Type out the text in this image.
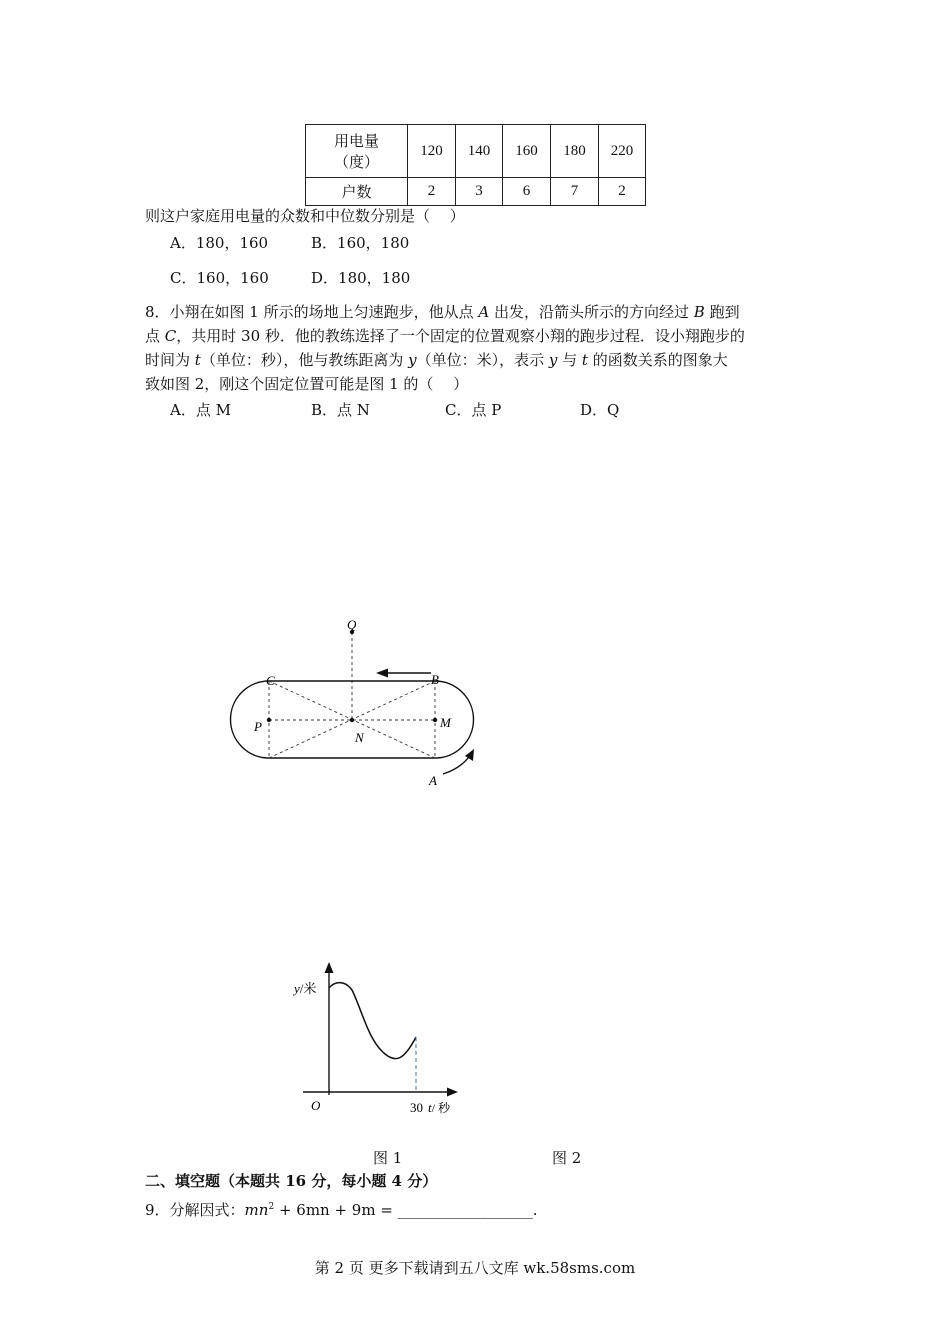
用电量
（度）	120	140	160	180	220
户数	2	3	6	7	2
则这户家庭用电量的众数和中位数分别是（　 ）
A．180，160	B．160，180
C．160，160	D．180，180
8．小翔在如图 1 所示的场地上匀速跑步，他从点 A 出发，沿箭头所示的方向经过 B 跑到
点 C，共用时 30 秒．他的教练选择了一个固定的位置观察小翔的跑步过程．设小翔跑步的
时间为 t（单位：秒），他与教练距离为 y（单位：米），表示 y 与 t 的函数关系的图象大
致如图 2，刚这个固定位置可能是图 1 的（　 ）
A．点 M	B．点 N	C．点 P	D．Q
Q
C	B
P	M
N
A
y/米
O	30 t/ 秒
图 1	图 2
二、填空题（本题共 16 分，每小题 4 分）
9．分解因式：$mn^2 + 6mn + 9m$ = __________________.
第 2 页 更多下载请到五八文库 wk.58sms.com
